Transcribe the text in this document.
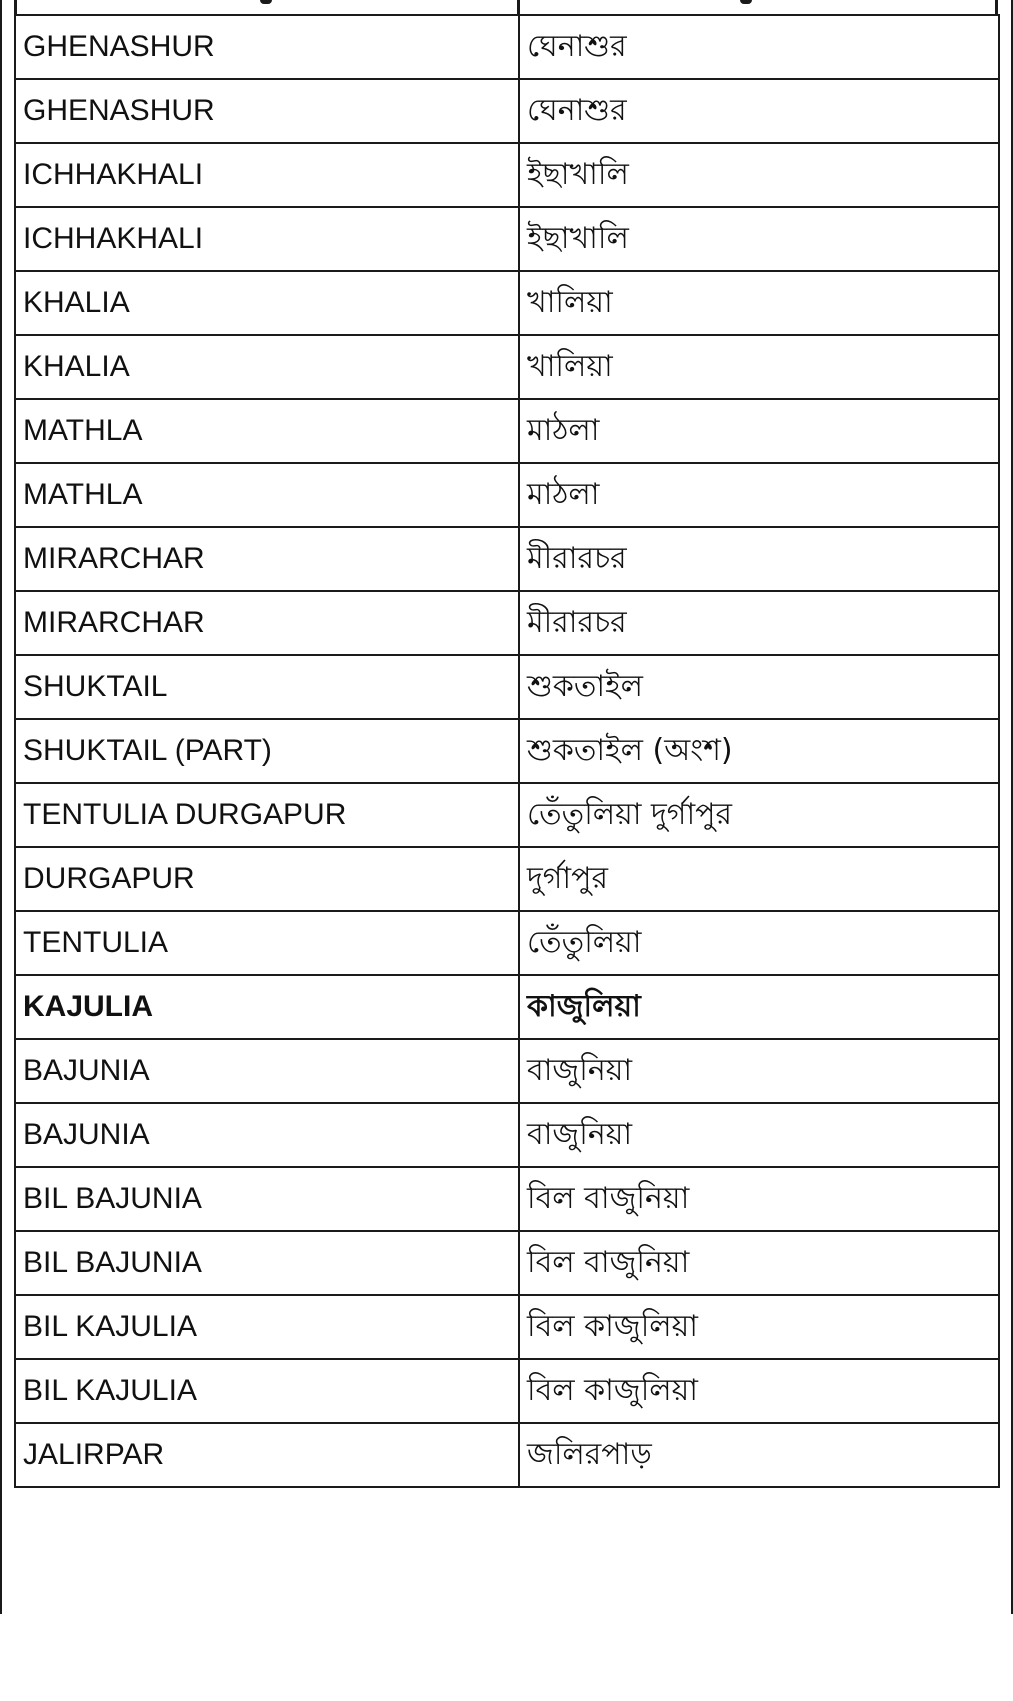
GHENASHUR	ঘেনাশুর
GHENASHUR	ঘেনাশুর
ICHHAKHALI	ইছাখালি
ICHHAKHALI	ইছাখালি
KHALIA	খালিয়া
KHALIA	খালিয়া
MATHLA	মাঠলা
MATHLA	মাঠলা
MIRARCHAR	মীরারচর
MIRARCHAR	মীরারচর
SHUKTAIL	শুকতাইল
SHUKTAIL (PART)	শুকতাইল (অংশ)
TENTULIA DURGAPUR	তেঁতুলিয়া দুর্গাপুর
DURGAPUR	দুর্গাপুর
TENTULIA	তেঁতুলিয়া
KAJULIA	কাজুলিয়া
BAJUNIA	বাজুনিয়া
BAJUNIA	বাজুনিয়া
BIL BAJUNIA	বিল বাজুনিয়া
BIL BAJUNIA	বিল বাজুনিয়া
BIL KAJULIA	বিল কাজুলিয়া
BIL KAJULIA	বিল কাজুলিয়া
JALIRPAR	জলিরপাড়
